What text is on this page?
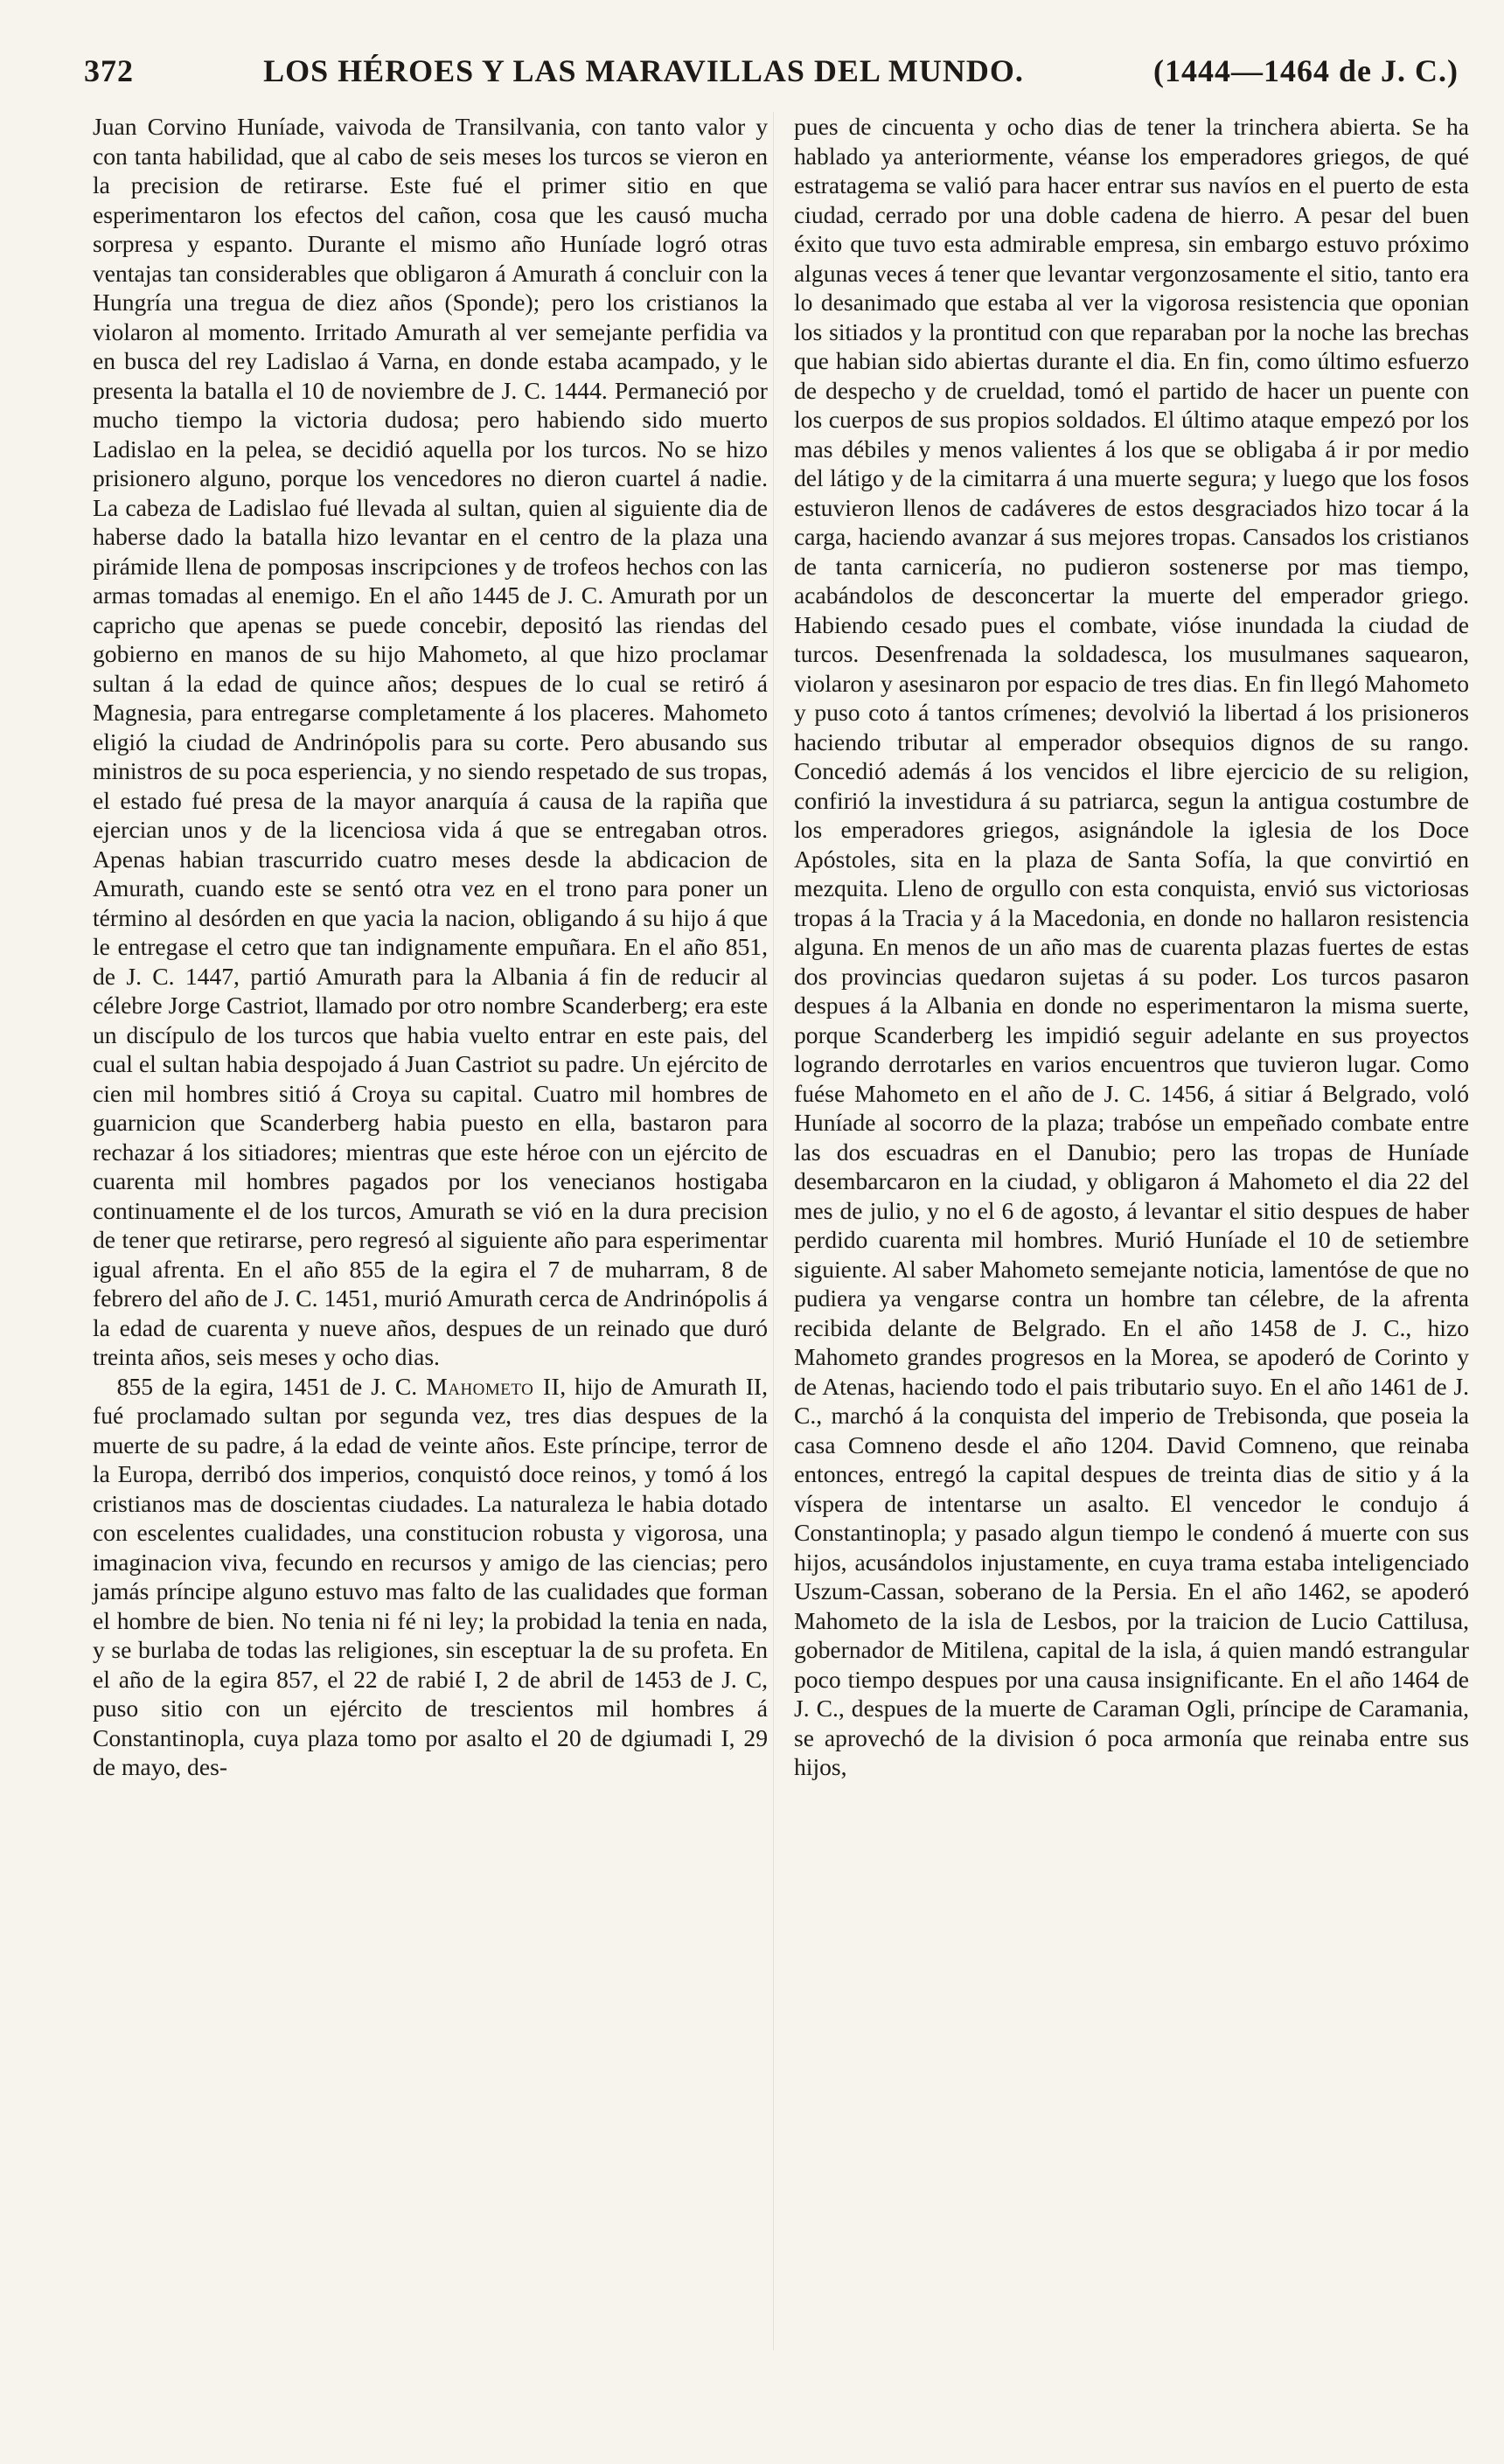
372	LOS HÉROES Y LAS MARAVILLAS DEL MUNDO.	(1444—1464 de J. C.)

Juan Corvino Huníade, vaivoda de Transilvania, con tanto valor y con tanta habilidad, que al cabo de seis meses los turcos se vieron en la precision de retirarse. Este fué el primer sitio en que esperimentaron los efectos del cañon, cosa que les causó mucha sorpresa y espanto. Durante el mismo año Huníade logró otras ventajas tan considerables que obligaron á Amurath á concluir con la Hungría una tregua de diez años (Sponde); pero los cristianos la violaron al momento. Irritado Amurath al ver semejante perfidia va en busca del rey Ladislao á Varna, en donde estaba acampado, y le presenta la batalla el 10 de noviembre de J. C. 1444. Permaneció por mucho tiempo la victoria dudosa; pero habiendo sido muerto Ladislao en la pelea, se decidió aquella por los turcos. No se hizo prisionero alguno, porque los vencedores no dieron cuartel á nadie. La cabeza de Ladislao fué llevada al sultan, quien al siguiente dia de haberse dado la batalla hizo levantar en el centro de la plaza una pirámide llena de pomposas inscripciones y de trofeos hechos con las armas tomadas al enemigo. En el año 1445 de J. C. Amurath por un capricho que apenas se puede concebir, depositó las riendas del gobierno en manos de su hijo Mahometo, al que hizo proclamar sultan á la edad de quince años; despues de lo cual se retiró á Magnesia, para entregarse completamente á los placeres. Mahometo eligió la ciudad de Andrinópolis para su corte. Pero abusando sus ministros de su poca esperiencia, y no siendo respetado de sus tropas, el estado fué presa de la mayor anarquía á causa de la rapiña que ejercian unos y de la licenciosa vida á que se entregaban otros. Apenas habian trascurrido cuatro meses desde la abdicacion de Amurath, cuando este se sentó otra vez en el trono para poner un término al desórden en que yacia la nacion, obligando á su hijo á que le entregase el cetro que tan indignamente empuñara. En el año 851, de J. C. 1447, partió Amurath para la Albania á fin de reducir al célebre Jorge Castriot, llamado por otro nombre Scanderberg; era este un discípulo de los turcos que habia vuelto entrar en este pais, del cual el sultan habia despojado á Juan Castriot su padre. Un ejército de cien mil hombres sitió á Croya su capital. Cuatro mil hombres de guarnicion que Scanderberg habia puesto en ella, bastaron para rechazar á los sitiadores; mientras que este héroe con un ejército de cuarenta mil hombres pagados por los venecianos hostigaba continuamente el de los turcos, Amurath se vió en la dura precision de tener que retirarse, pero regresó al siguiente año para esperimentar igual afrenta. En el año 855 de la egira el 7 de muharram, 8 de febrero del año de J. C. 1451, murió Amurath cerca de Andrinópolis á la edad de cuarenta y nueve años, despues de un reinado que duró treinta años, seis meses y ocho dias.

 855 de la egira, 1451 de J. C. Mahometo II, hijo de Amurath II, fué proclamado sultan por segunda vez, tres dias despues de la muerte de su padre, á la edad de veinte años. Este príncipe, terror de la Europa, derribó dos imperios, conquistó doce reinos, y tomó á los cristianos mas de doscientas ciudades. La naturaleza le habia dotado con escelentes cualidades, una constitucion robusta y vigorosa, una imaginacion viva, fecundo en recursos y amigo de las ciencias; pero jamás príncipe alguno estuvo mas falto de las cualidades que forman el hombre de bien. No tenia ni fé ni ley; la probidad la tenia en nada, y se burlaba de todas las religiones, sin esceptuar la de su profeta. En el año de la egira 857, el 22 de rabié I, 2 de abril de 1453 de J. C, puso sitio con un ejército de trescientos mil hombres á Constantinopla, cuya plaza tomo por asalto el 20 de dgiumadi I, 29 de mayo, des-

pues de cincuenta y ocho dias de tener la trinchera abierta. Se ha hablado ya anteriormente, véanse los emperadores griegos, de qué estratagema se valió para hacer entrar sus navíos en el puerto de esta ciudad, cerrado por una doble cadena de hierro. A pesar del buen éxito que tuvo esta admirable empresa, sin embargo estuvo próximo algunas veces á tener que levantar vergonzosamente el sitio, tanto era lo desanimado que estaba al ver la vigorosa resistencia que oponian los sitiados y la prontitud con que reparaban por la noche las brechas que habian sido abiertas durante el dia. En fin, como último esfuerzo de despecho y de crueldad, tomó el partido de hacer un puente con los cuerpos de sus propios soldados. El último ataque empezó por los mas débiles y menos valientes á los que se obligaba á ir por medio del látigo y de la cimitarra á una muerte segura; y luego que los fosos estuvieron llenos de cadáveres de estos desgraciados hizo tocar á la carga, haciendo avanzar á sus mejores tropas. Cansados los cristianos de tanta carnicería, no pudieron sostenerse por mas tiempo, acabándolos de desconcertar la muerte del emperador griego. Habiendo cesado pues el combate, vióse inundada la ciudad de turcos. Desenfrenada la soldadesca, los musulmanes saquearon, violaron y asesinaron por espacio de tres dias. En fin llegó Mahometo y puso coto á tantos crímenes; devolvió la libertad á los prisioneros haciendo tributar al emperador obsequios dignos de su rango. Concedió además á los vencidos el libre ejercicio de su religion, confirió la investidura á su patriarca, segun la antigua costumbre de los emperadores griegos, asignándole la iglesia de los Doce Apóstoles, sita en la plaza de Santa Sofía, la que convirtió en mezquita. Lleno de orgullo con esta conquista, envió sus victoriosas tropas á la Tracia y á la Macedonia, en donde no hallaron resistencia alguna. En menos de un año mas de cuarenta plazas fuertes de estas dos provincias quedaron sujetas á su poder. Los turcos pasaron despues á la Albania en donde no esperimentaron la misma suerte, porque Scanderberg les impidió seguir adelante en sus proyectos logrando derrotarles en varios encuentros que tuvieron lugar. Como fuése Mahometo en el año de J. C. 1456, á sitiar á Belgrado, voló Huníade al socorro de la plaza; trabóse un empeñado combate entre las dos escuadras en el Danubio; pero las tropas de Huníade desembarcaron en la ciudad, y obligaron á Mahometo el dia 22 del mes de julio, y no el 6 de agosto, á levantar el sitio despues de haber perdido cuarenta mil hombres. Murió Huníade el 10 de setiembre siguiente. Al saber Mahometo semejante noticia, lamentóse de que no pudiera ya vengarse contra un hombre tan célebre, de la afrenta recibida delante de Belgrado. En el año 1458 de J. C., hizo Mahometo grandes progresos en la Morea, se apoderó de Corinto y de Atenas, haciendo todo el pais tributario suyo. En el año 1461 de J. C., marchó á la conquista del imperio de Trebisonda, que poseia la casa Comneno desde el año 1204. David Comneno, que reinaba entonces, entregó la capital despues de treinta dias de sitio y á la víspera de intentarse un asalto. El vencedor le condujo á Constantinopla; y pasado algun tiempo le condenó á muerte con sus hijos, acusándolos injustamente, en cuya trama estaba inteligenciado Uszum-Cassan, soberano de la Persia. En el año 1462, se apoderó Mahometo de la isla de Lesbos, por la traicion de Lucio Cattilusa, gobernador de Mitilena, capital de la isla, á quien mandó estrangular poco tiempo despues por una causa insignificante. En el año 1464 de J. C., despues de la muerte de Caraman Ogli, príncipe de Caramania, se aprovechó de la division ó poca armonía que reinaba entre sus hijos,
